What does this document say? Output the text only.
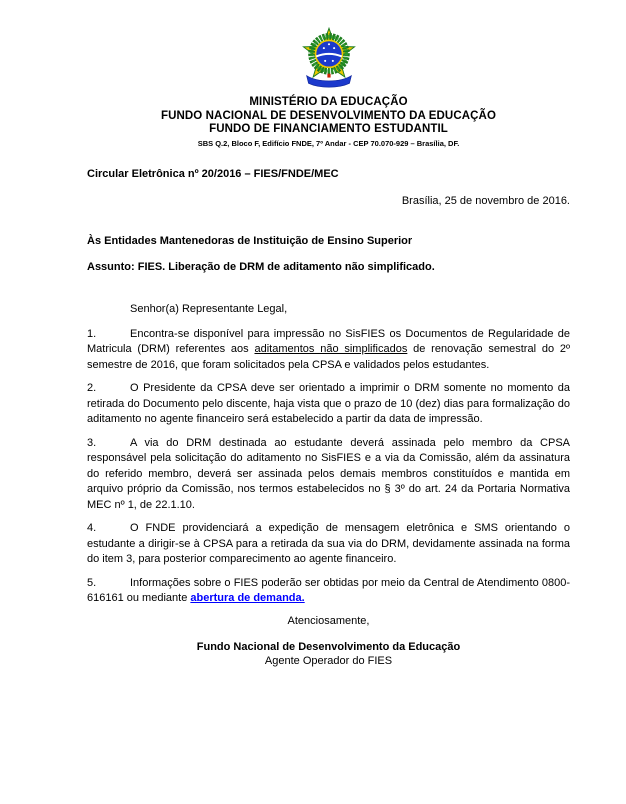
MINISTÉRIO DA EDUCAÇÃO
FUNDO NACIONAL DE DESENVOLVIMENTO DA EDUCAÇÃO
FUNDO DE FINANCIAMENTO ESTUDANTIL
SBS Q.2, Bloco F, Edifício FNDE, 7º Andar - CEP 70.070-929 – Brasília, DF.
Circular Eletrônica nº 20/2016 – FIES/FNDE/MEC
Brasília, 25 de novembro de 2016.
Às Entidades Mantenedoras de Instituição de Ensino Superior
Assunto: FIES. Liberação de DRM de aditamento não simplificado.
Senhor(a) Representante Legal,

1.	Encontra-se disponível para impressão no SisFIES os Documentos de Regularidade de Matricula (DRM) referentes aos aditamentos não simplificados de renovação semestral do 2º semestre de 2016, que foram solicitados pela CPSA e validados pelos estudantes.

2.	O Presidente da CPSA deve ser orientado a imprimir o DRM somente no momento da retirada do Documento pelo discente, haja vista que o prazo de 10 (dez) dias para formalização do aditamento no agente financeiro será estabelecido a partir da data de impressão.

3.	A via do DRM destinada ao estudante deverá assinada pelo membro da CPSA responsável pela solicitação do aditamento no SisFIES e a via da Comissão, além da assinatura do referido membro, deverá ser assinada pelos demais membros constituídos e mantida em arquivo próprio da Comissão, nos termos estabelecidos no § 3º do art. 24 da Portaria Normativa MEC nº 1, de 22.1.10.

4.	O FNDE providenciará a expedição de mensagem eletrônica e SMS orientando o estudante a dirigir-se à CPSA para a retirada da sua via do DRM, devidamente assinada na forma do item 3, para posterior comparecimento ao agente financeiro.

5.	Informações sobre o FIES poderão ser obtidas por meio da Central de Atendimento 0800-616161 ou mediante abertura de demanda.

Atenciosamente,
Fundo Nacional de Desenvolvimento da Educação
Agente Operador do FIES
